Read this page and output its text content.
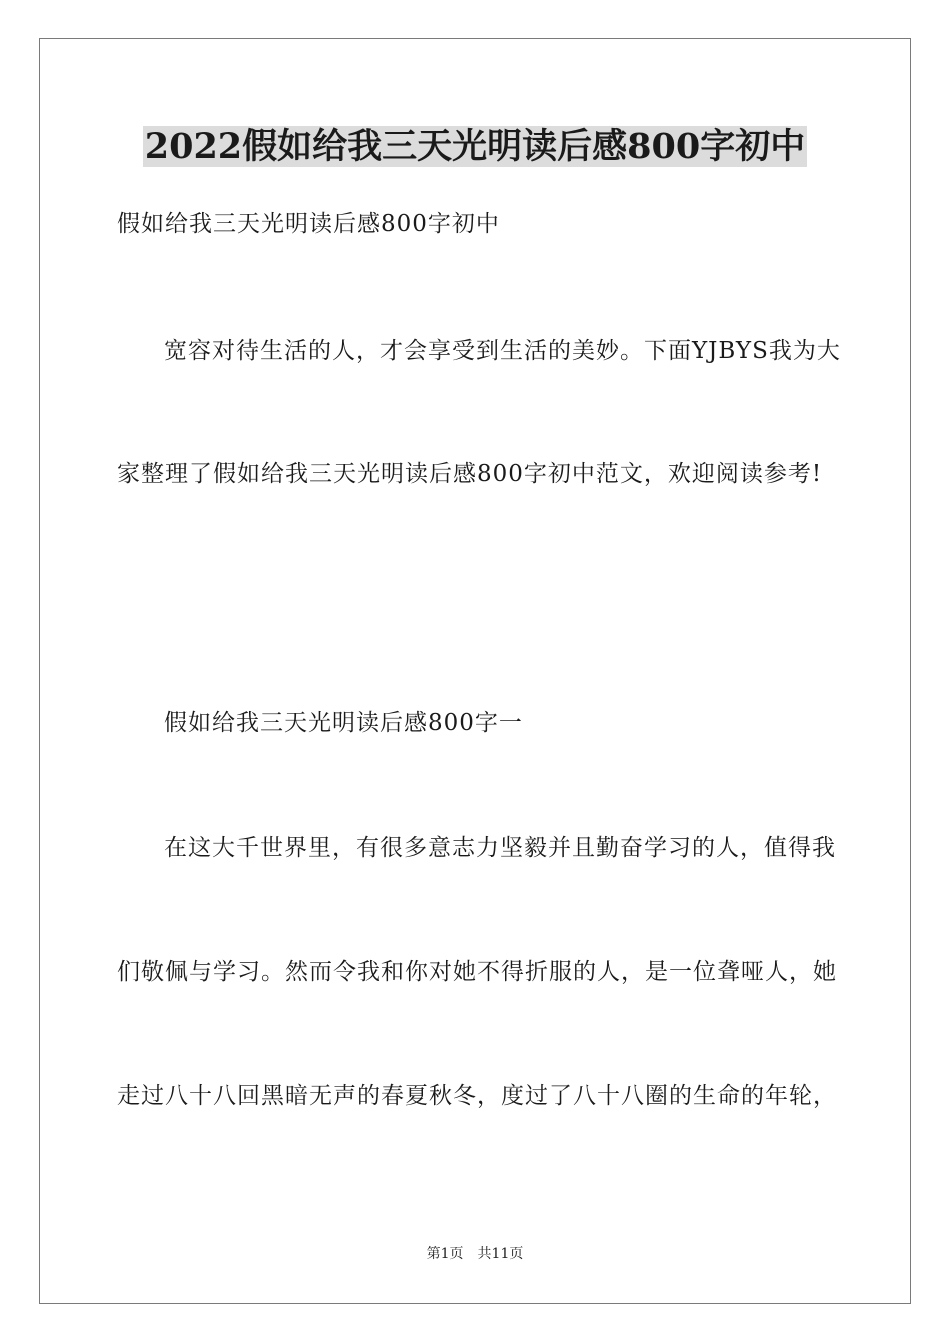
2022假如给我三天光明读后感800字初中
假如给我三天光明读后感800字初中
宽容对待生活的人，才会享受到生活的美妙。下面YJBYS我为大
家整理了假如给我三天光明读后感800字初中范文，欢迎阅读参考!
假如给我三天光明读后感800字一
在这大千世界里，有很多意志力坚毅并且勤奋学习的人，值得我
们敬佩与学习。然而令我和你对她不得折服的人，是一位聋哑人，她
走过八十八回黑暗无声的春夏秋冬，度过了八十八圈的生命的年轮，
第1页 共11页
